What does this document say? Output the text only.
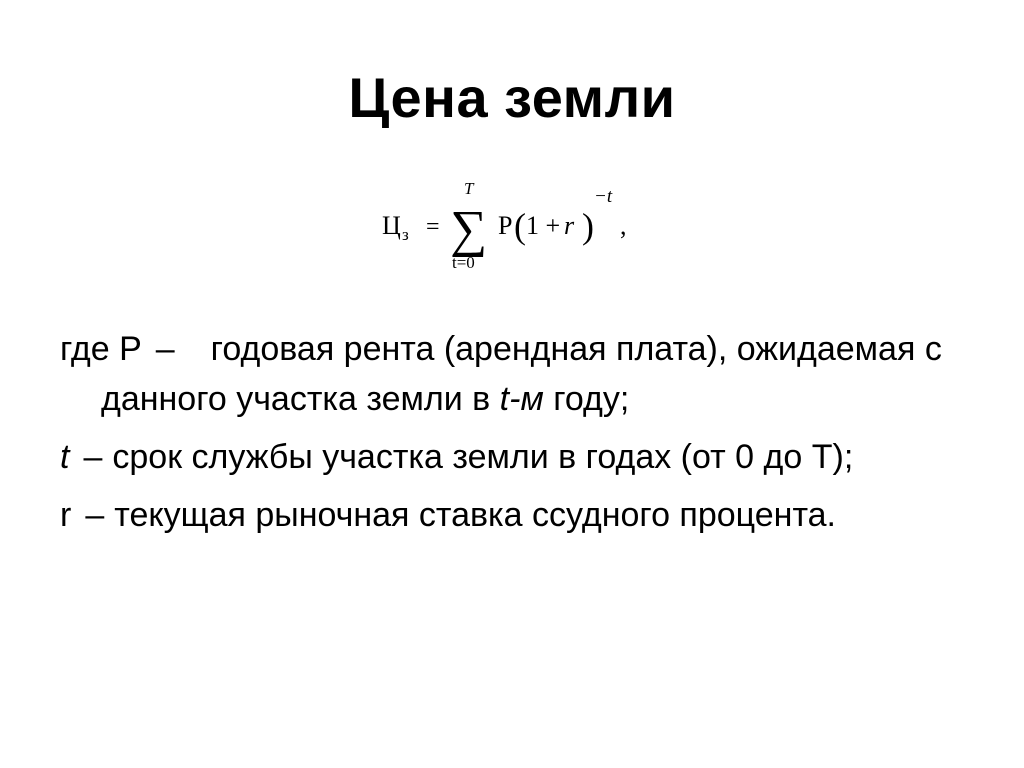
Цена земли
Ц з = ∑
T
t=0
P ( 1 +
r )
−t
,
где P – годовая рента (арендная плата), ожидаемая с данного участка земли в t-м году;
t – срок службы участка земли в годах (от 0 до Т);
r – текущая рыночная ставка ссудного процента.
